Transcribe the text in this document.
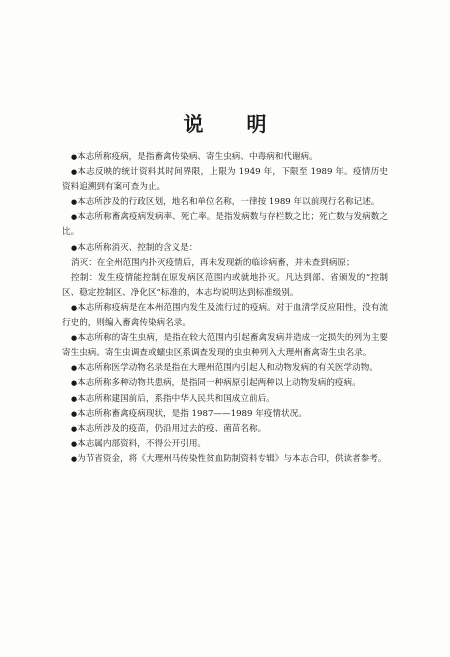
说 明

●本志所称疫病，是指畜禽传染病、寄生虫病、中毒病和代谢病。

●本志反映的统计资料其时间界限，上限为 1949 年，下限至 1989 年。疫情历史资料追溯到有案可查为止。

●本志所涉及的行政区划，地名和单位名称，一律按 1989 年以前现行名称记述。

●本志所称畜禽疫病发病率、死亡率。是指发病数与存栏数之比；死亡数与发病数之比。

●本志所称消灭、控制的含义是：

消灭：在全州范围内扑灭疫情后，再未发现新的临诊病畜，并未查到病原；

控制：发生疫情能控制在原发病区范围内或就地扑灭。凡达到部、省颁发的“控制区、稳定控制区、净化区”标准的，本志均说明达到标准级别。

●本志所称疫病是在本州范围内发生及流行过的疫病。对于血清学反应阳性，没有流行史的，则编入畜禽传染病名录。

●本志所称的寄生虫病，是指在较大范围内引起畜禽发病并造成一定损失的列为主要寄生虫病。寄生虫调查或蠕虫区系调查发现的虫虫种列入大理州畜禽寄生虫名录。

●本志所称医学动物名录是指在大理州范围内引起人和动物发病的有关医学动物。

●本志所称多种动物共患病，是指同一种病原引起两种以上动物发病的疫病。

●本志所称建国前后，系指中华人民共和国成立前后。

●本志所称畜禽疫病现状，是指 1987——1989 年疫情状况。

●本志所涉及的疫苗，仍沿用过去的疫、菌苗名称。

●本志属内部资料，不得公开引用。

●为节省资金，将《大理州马传染性贫血防制资料专辑》与本志合印，供读者参考。
